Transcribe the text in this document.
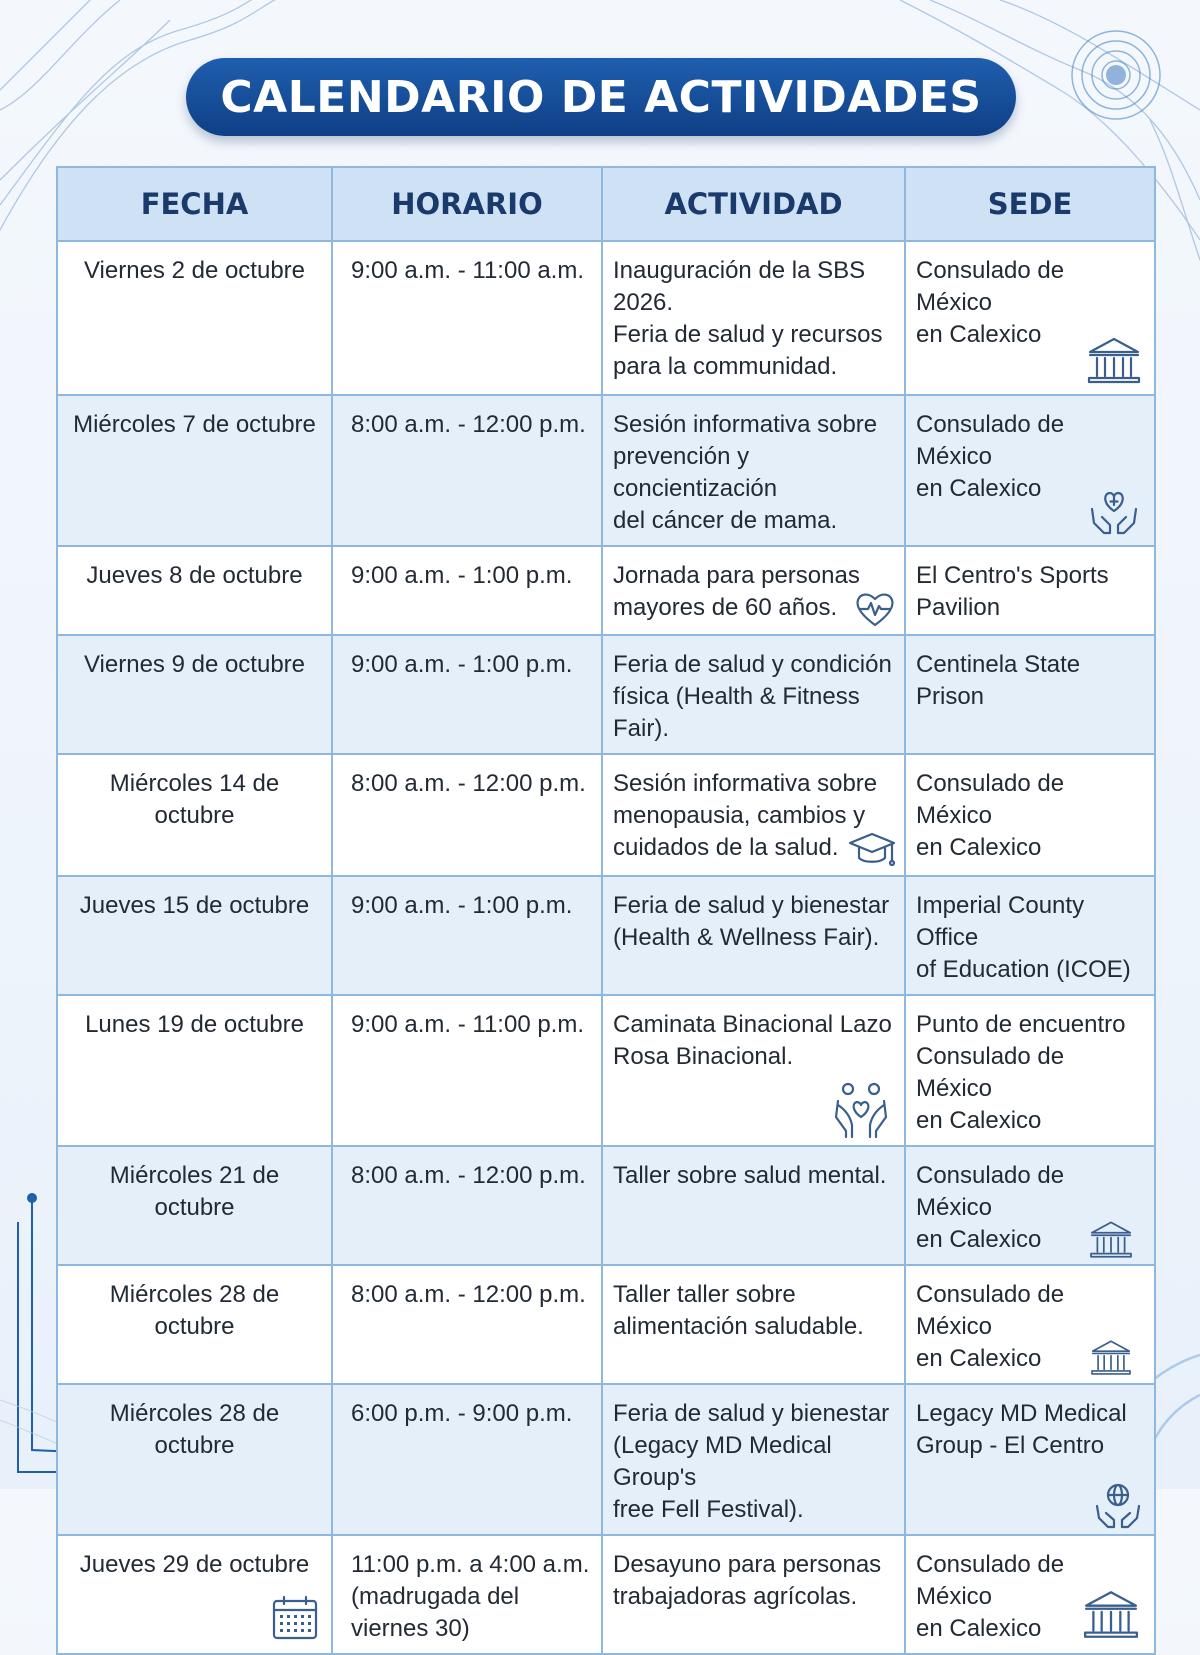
CALENDARIO DE ACTIVIDADES
FECHA	HORARIO	ACTIVIDAD	SEDE

Viernes 2 de octubre	9:00 a.m. - 11:00 a.m.	Inauguración de la SBS
2026.
Feria de salud y recursos
para la communidad.	Consulado de México
en Calexico

Miércoles 7 de octubre	8:00 a.m. - 12:00 p.m.	Sesión informativa sobre
prevención y concientización
del cáncer de mama.	Consulado de México
en Calexico

Jueves 8 de octubre	9:00 a.m. - 1:00 p.m.	Jornada para personas
mayores de 60 años.	El Centro's Sports
Pavilion

Viernes 9 de octubre	9:00 a.m. - 1:00 p.m.	Feria de salud y condición
física (Health & Fitness Fair).	Centinela State Prison

Miércoles 14 de octubre	8:00 a.m. - 12:00 p.m.	Sesión informativa sobre
menopausia, cambios y
cuidados de la salud.	Consulado de México
en Calexico

Jueves 15 de octubre	9:00 a.m. - 1:00 p.m.	Feria de salud y bienestar
(Health & Wellness Fair).	Imperial County Office
of Education (ICOE)

Lunes 19 de octubre	9:00 a.m. - 11:00 p.m.	Caminata Binacional Lazo
Rosa Binacional.	Punto de encuentro
Consulado de México
en Calexico

Miércoles 21 de octubre	8:00 a.m. - 12:00 p.m.	Taller sobre salud mental.	Consulado de México
en Calexico

Miércoles 28 de octubre	8:00 a.m. - 12:00 p.m.	Taller taller sobre
alimentación saludable.	Consulado de México
en Calexico

Miércoles 28 de octubre	6:00 p.m. - 9:00 p.m.	Feria de salud y bienestar
(Legacy MD Medical Group's
free Fell Festival).	Legacy MD Medical
Group - El Centro

Jueves 29 de octubre	11:00 p.m. a 4:00 a.m.
(madrugada del
viernes 30)	Desayuno para personas
trabajadoras agrícolas.	Consulado de México
en Calexico
